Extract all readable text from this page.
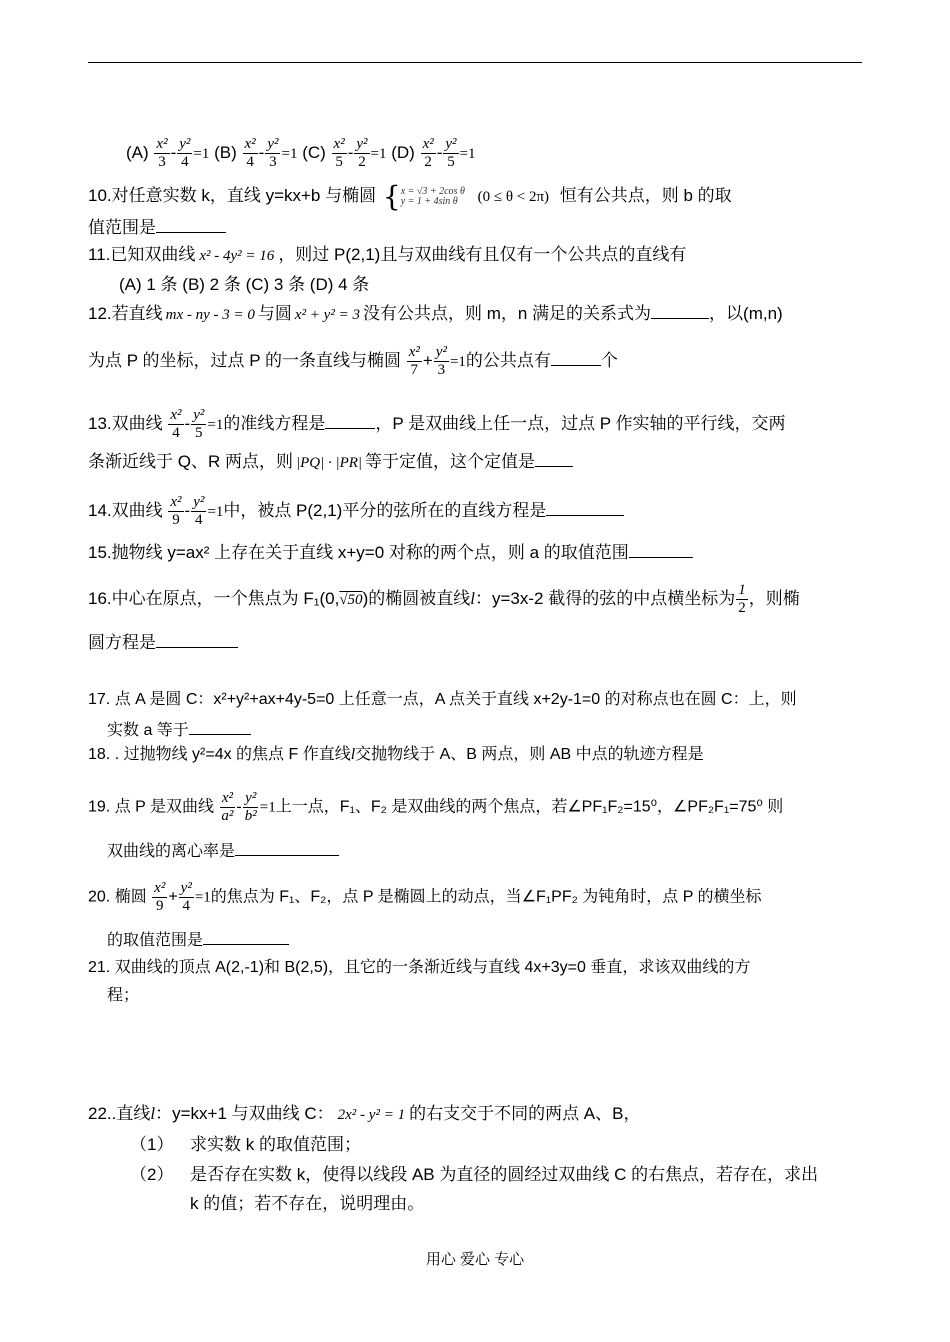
$(A) \frac{\text{x²}}{3} - \frac{\text{y²}}{4} =1$ $(B) \frac{\text{x²}}{4} - \frac{\text{y²}}{3} =1$ $(C) \frac{\text{x²}}{5} - \frac{\text{y²}}{2} =1$ $(D) \frac{\text{x²}}{2} - \frac{\text{y²}}{5} =1$
10.对任意实数 k，直线 y=kx+b 与椭圆 { x = √3 + 2cos θ
y = 1 + 4sin θ	(0 ≤ θ < 2π) 恒有公共点，则 b 的取
值范围是
11.已知双曲线 x² - 4y² = 16 ，则过 P(2,1)且与双曲线有且仅有一个公共点的直线有
(A) 1 条 (B) 2 条 (C) 3 条 (D) 4 条
12.若直线 mx - ny - 3 = 0 与圆 x² + y² = 3 没有公共点，则 m，n 满足的关系式为	，以(m,n)
为点 P 的坐标，过点 P 的一条直线与椭圆 $\frac{\text{x²}}{7} + \frac{\text{y²}}{3} =1$的公共点有	个
13.双曲线 $\frac{\text{x²}}{4} - \frac{\text{y²}}{5} =1$的准线方程是	，P 是双曲线上任一点，过点 P 作实轴的平行线，交两
条渐近线于 Q、R 两点，则 |PQ| · |PR| 等于定值，这个定值是
14.双曲线 $\frac{\text{x²}}{9} - \frac{\text{y²}}{4} =1$中，被点 P(2,1)平分的弦所在的直线方程是
15.抛物线 y=ax² 上存在关于直线 x+y=0 对称的两个点，则 a 的取值范围
16.中心在原点，一个焦点为 F₁(0,√50)的椭圆被直线l：y=3x-2 截得的弦的中点横坐标为 $\frac{1}{2}$ ，则椭
圆方程是
17. 点 A 是圆 C：x²+y²+ax+4y-5=0 上任意一点，A 点关于直线 x+2y-1=0 的对称点也在圆 C：上，则
实数 a 等于
18. . 过抛物线 y²=4x 的焦点 F 作直线l交抛物线于 A、B 两点，则 AB 中点的轨迹方程是
19. 点 P 是双曲线 $\frac{\text{x²}}{\text{a²}} - \frac{\text{y²}}{\text{b²}} =1$上一点，F₁、F₂ 是双曲线的两个焦点，若∠PF₁F₂=15⁰，∠PF₂F₁=75⁰ 则
双曲线的离心率是
20. 椭圆 $\frac{\text{x²}}{9} + \frac{\text{y²}}{4} =1$的焦点为 F₁、F₂，点 P 是椭圆上的动点，当∠F₁PF₂ 为钝角时，点 P 的横坐标
的取值范围是
21. 双曲线的顶点 A(2,-1)和 B(2,5)，且它的一条渐近线与直线 4x+3y=0 垂直，求该双曲线的方
程；
22..直线l：y=kx+1 与双曲线 C： 2x² - y² = 1 的右支交于不同的两点 A、B，
（1） 求实数 k 的取值范围；
（2） 是否存在实数 k，使得以线段 AB 为直径的圆经过双曲线 C 的右焦点，若存在，求出
k 的值；若不存在，说明理由。
用心 爱心 专心
